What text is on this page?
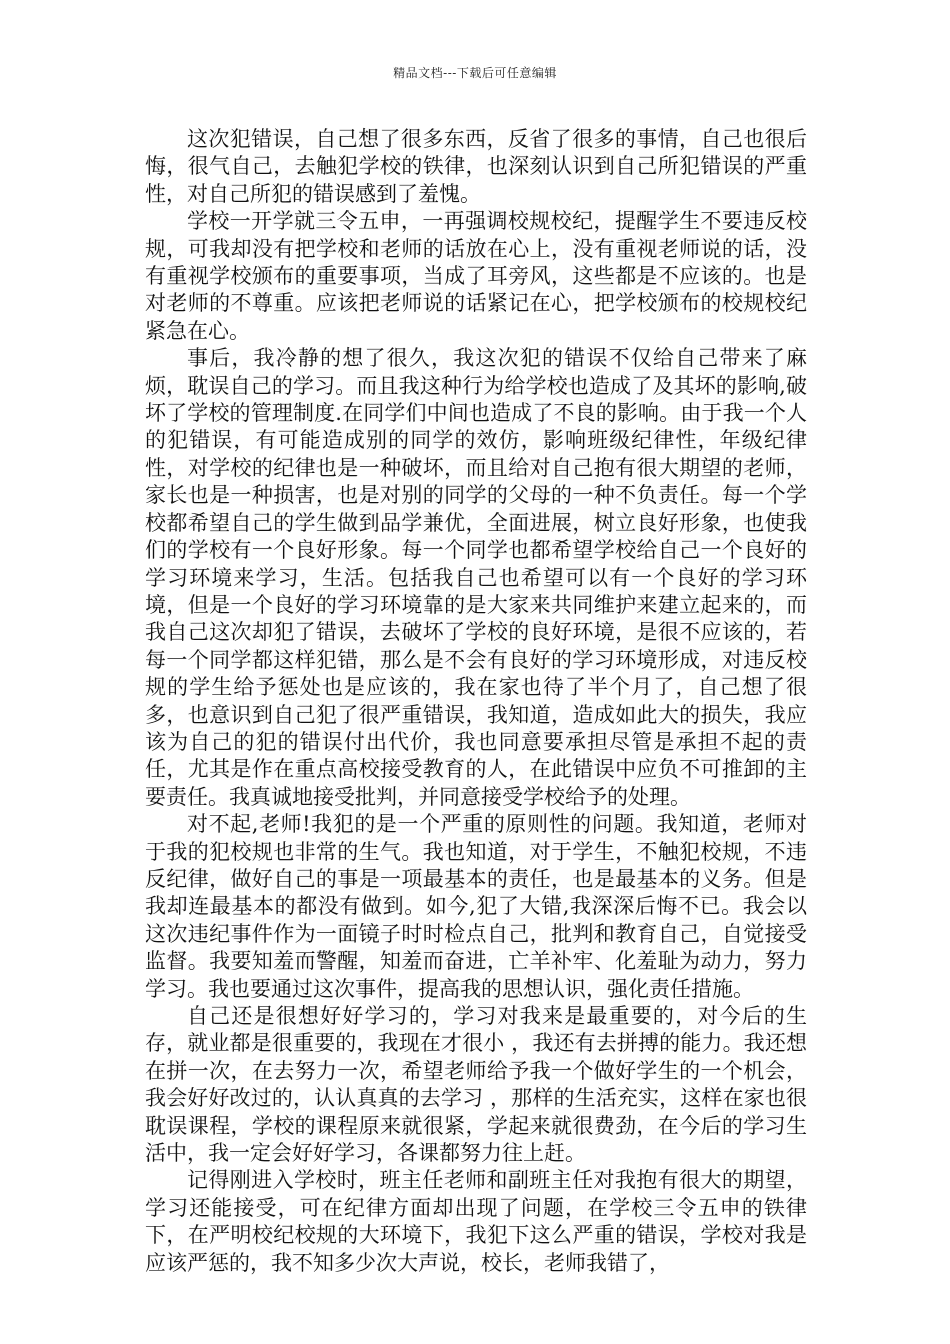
精品文档---下载后可任意编辑

这次犯错误，自己想了很多东西，反省了很多的事情，自己也很后悔，很气自己，去触犯学校的铁律，也深刻认识到自己所犯错误的严重性，对自己所犯的错误感到了羞愧。

学校一开学就三令五申，一再强调校规校纪，提醒学生不要违反校规，可我却没有把学校和老师的话放在心上，没有重视老师说的话，没有重视学校颁布的重要事项，当成了耳旁风，这些都是不应该的。也是对老师的不尊重。应该把老师说的话紧记在心，把学校颁布的校规校纪紧急在心。

事后，我冷静的想了很久，我这次犯的错误不仅给自己带来了麻烦，耽误自己的学习。而且我这种行为给学校也造成了及其坏的影响,破坏了学校的管理制度.在同学们中间也造成了不良的影响。由于我一个人的犯错误，有可能造成别的同学的效仿，影响班级纪律性，年级纪律性，对学校的纪律也是一种破坏，而且给对自己抱有很大期望的老师，家长也是一种损害，也是对别的同学的父母的一种不负责任。每一个学校都希望自己的学生做到品学兼优，全面进展，树立良好形象，也使我们的学校有一个良好形象。每一个同学也都希望学校给自己一个良好的学习环境来学习，生活。包括我自己也希望可以有一个良好的学习环境，但是一个良好的学习环境靠的是大家来共同维护来建立起来的，而我自己这次却犯了错误，去破坏了学校的良好环境，是很不应该的，若每一个同学都这样犯错，那么是不会有良好的学习环境形成，对违反校规的学生给予惩处也是应该的，我在家也待了半个月了，自己想了很多，也意识到自己犯了很严重错误，我知道，造成如此大的损失，我应该为自己的犯的错误付出代价，我也同意要承担尽管是承担不起的责任，尤其是作在重点高校接受教育的人，在此错误中应负不可推卸的主要责任。我真诚地接受批判，并同意接受学校给予的处理。

对不起,老师!我犯的是一个严重的原则性的问题。我知道，老师对于我的犯校规也非常的生气。我也知道，对于学生，不触犯校规，不违反纪律，做好自己的事是一项最基本的责任，也是最基本的义务。但是我却连最基本的都没有做到。如今,犯了大错,我深深后悔不已。我会以这次违纪事件作为一面镜子时时检点自己，批判和教育自己，自觉接受监督。我要知羞而警醒，知羞而奋进，亡羊补牢、化羞耻为动力，努力学习。我也要通过这次事件，提高我的思想认识，强化责任措施。

自己还是很想好好学习的，学习对我来是最重要的，对今后的生存，就业都是很重要的，我现在才很小 ，我还有去拼搏的能力。我还想在拼一次，在去努力一次，希望老师给予我一个做好学生的一个机会，我会好好改过的，认认真真的去学习 ，那样的生活充实，这样在家也很耽误课程，学校的课程原来就很紧，学起来就很费劲，在今后的学习生活中，我一定会好好学习，各课都努力往上赶。

记得刚进入学校时，班主任老师和副班主任对我抱有很大的期望，学习还能接受，可在纪律方面却出现了问题，在学校三令五申的铁律下，在严明校纪校规的大环境下，我犯下这么严重的错误，学校对我是应该严惩的，我不知多少次大声说，校长，老师我错了，
